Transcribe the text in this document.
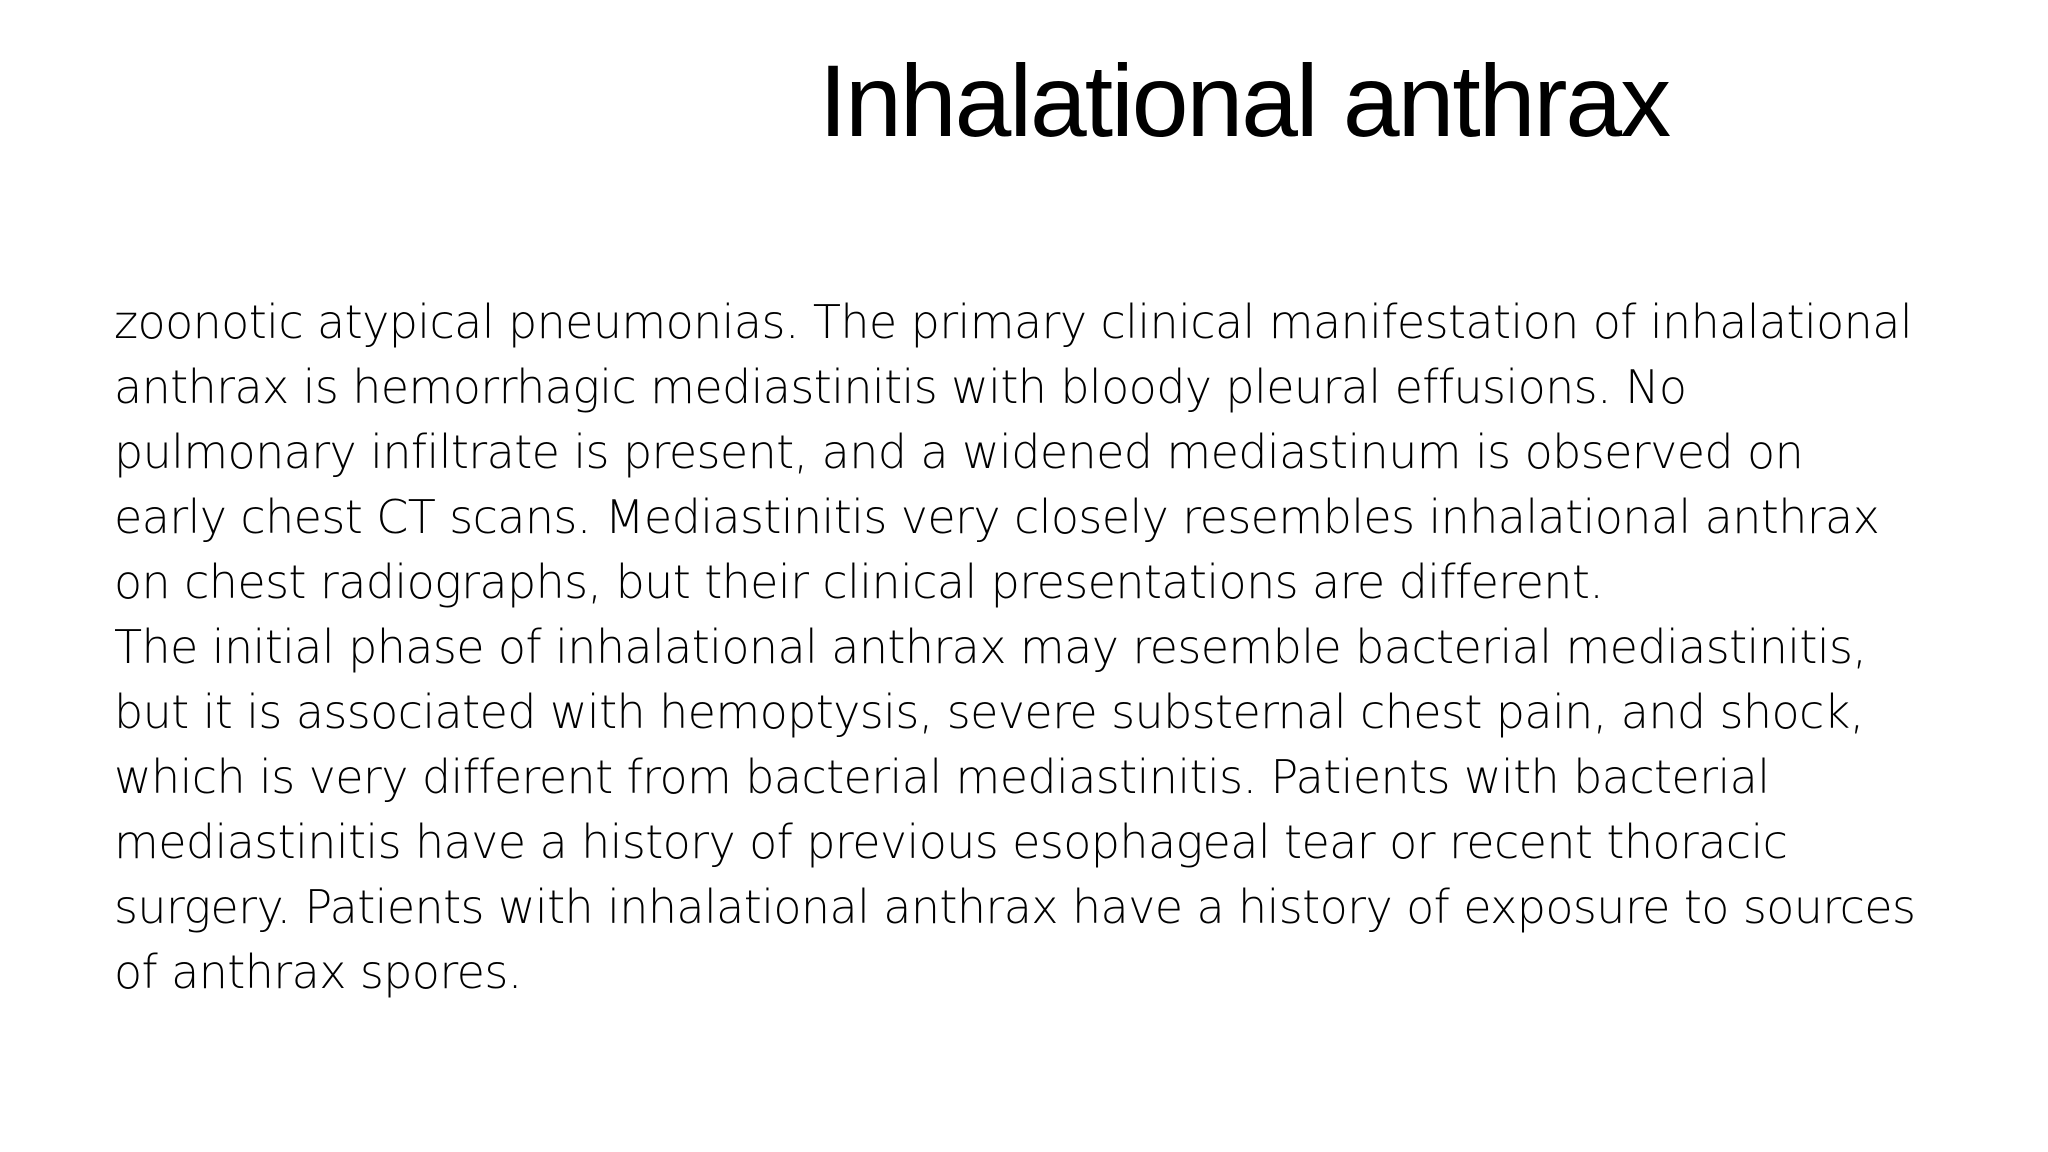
Inhalational anthrax

zoonotic atypical pneumonias. The primary clinical manifestation of inhalational

anthrax is hemorrhagic mediastinitis with bloody pleural effusions. No

pulmonary infiltrate is present, and a widened mediastinum is observed on

early chest CT scans. Mediastinitis very closely resembles inhalational anthrax

on chest radiographs, but their clinical presentations are different.

The initial phase of inhalational anthrax may resemble bacterial mediastinitis,

but it is associated with hemoptysis, severe substernal chest pain, and shock,

which is very different from bacterial mediastinitis. Patients with bacterial

mediastinitis have a history of previous esophageal tear or recent thoracic

surgery. Patients with inhalational anthrax have a history of exposure to sources

of anthrax spores.
